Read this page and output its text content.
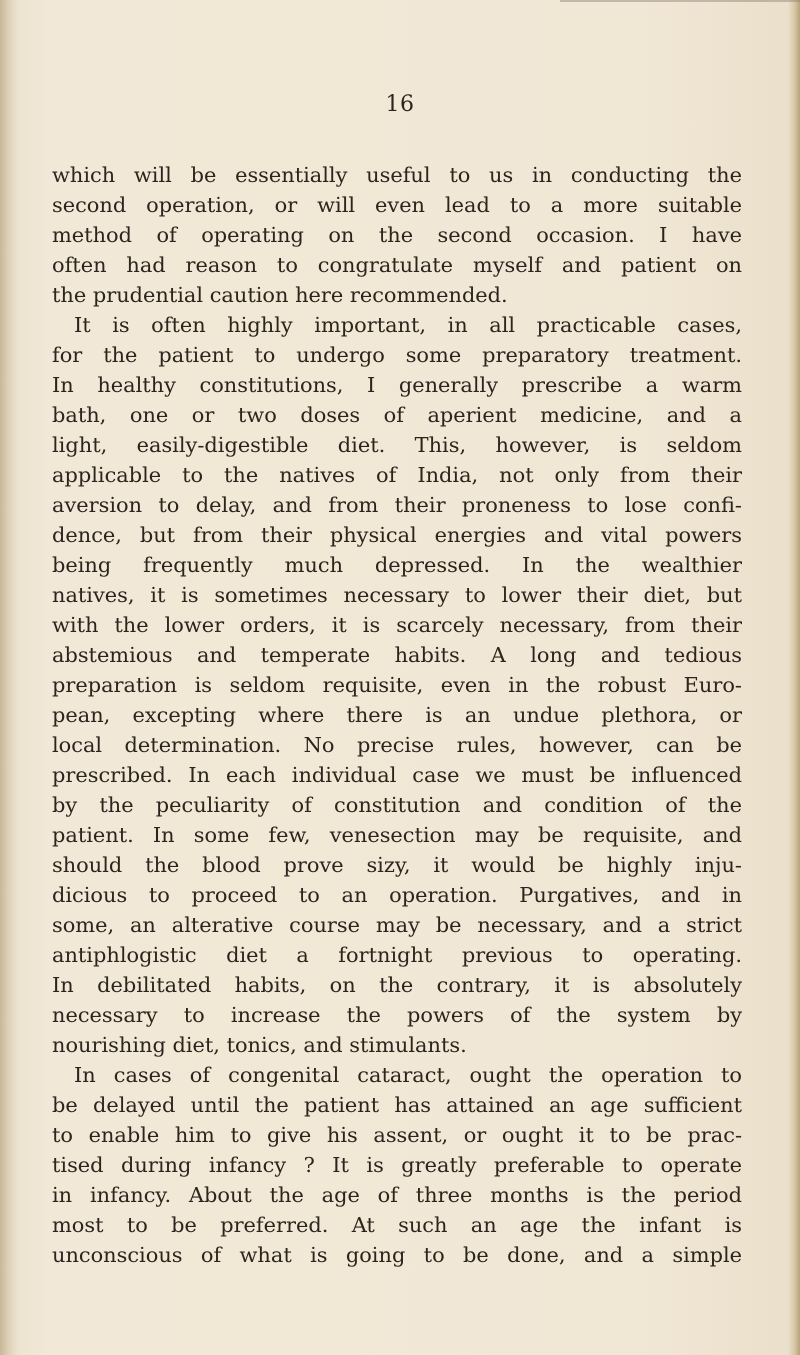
16
which will be essentially useful to us in conducting the
second operation, or will even lead to a more suitable
method of operating on the second occasion. I have
often had reason to congratulate myself and patient on
the prudential caution here recommended.
It is often highly important, in all practicable cases,
for the patient to undergo some preparatory treatment.
In healthy constitutions, I generally prescribe a warm
bath, one or two doses of aperient medicine, and a
light, easily-digestible diet. This, however, is seldom
applicable to the natives of India, not only from their
aversion to delay, and from their proneness to lose confi-
dence, but from their physical energies and vital powers
being frequently much depressed. In the wealthier
natives, it is sometimes necessary to lower their diet, but
with the lower orders, it is scarcely necessary, from their
abstemious and temperate habits. A long and tedious
preparation is seldom requisite, even in the robust Euro-
pean, excepting where there is an undue plethora, or
local determination. No precise rules, however, can be
prescribed. In each individual case we must be influenced
by the peculiarity of constitution and condition of the
patient. In some few, venesection may be requisite, and
should the blood prove sizy, it would be highly inju-
dicious to proceed to an operation. Purgatives, and in
some, an alterative course may be necessary, and a strict
antiphlogistic diet a fortnight previous to operating.
In debilitated habits, on the contrary, it is absolutely
necessary to increase the powers of the system by
nourishing diet, tonics, and stimulants.
In cases of congenital cataract, ought the operation to
be delayed until the patient has attained an age sufficient
to enable him to give his assent, or ought it to be prac-
tised during infancy ? It is greatly preferable to operate
in infancy. About the age of three months is the period
most to be preferred. At such an age the infant is
unconscious of what is going to be done, and a simple
